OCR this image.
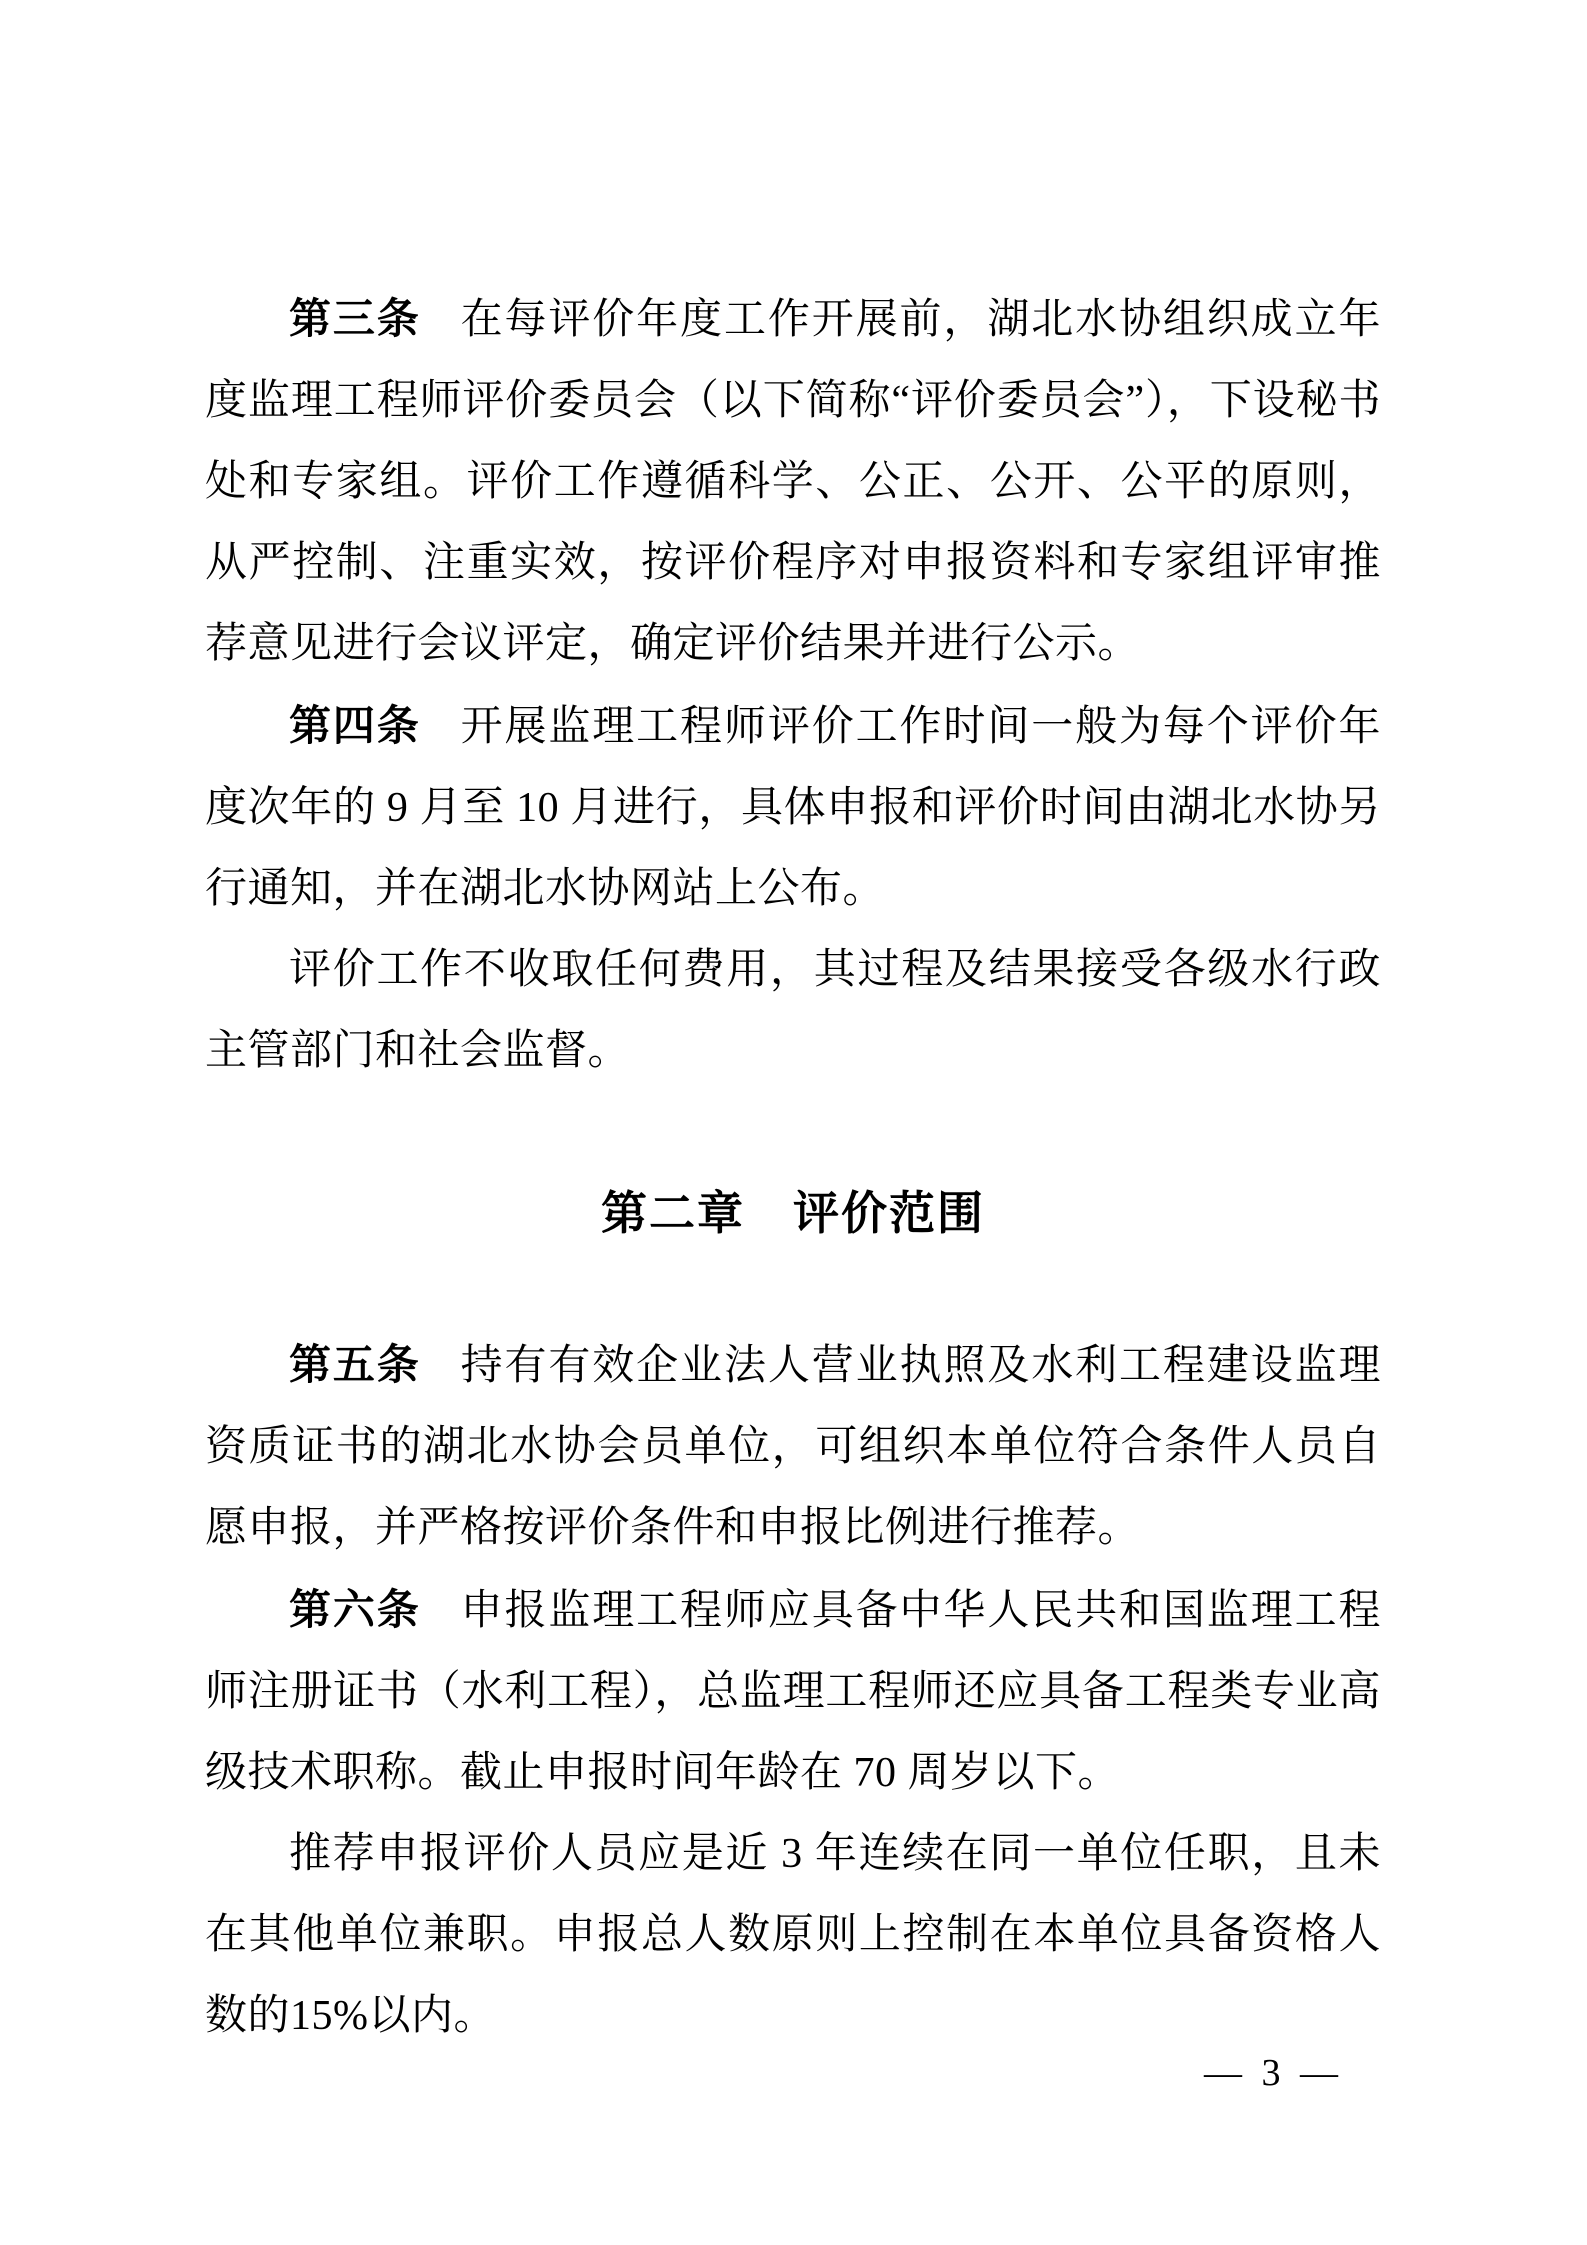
第三条 在每评价年度工作开展前，湖北水协组织成立年度监理工程师评价委员会（以下简称“评价委员会”），下设秘书处和专家组。评价工作遵循科学、公正、公开、公平的原则，从严控制、注重实效，按评价程序对申报资料和专家组评审推荐意见进行会议评定，确定评价结果并进行公示。

第四条 开展监理工程师评价工作时间一般为每个评价年度次年的 9 月至 10 月进行，具体申报和评价时间由湖北水协另行通知，并在湖北水协网站上公布。

评价工作不收取任何费用，其过程及结果接受各级水行政主管部门和社会监督。

第二章　评价范围

第五条 持有有效企业法人营业执照及水利工程建设监理资质证书的湖北水协会员单位，可组织本单位符合条件人员自愿申报，并严格按评价条件和申报比例进行推荐。

第六条 申报监理工程师应具备中华人民共和国监理工程师注册证书（水利工程），总监理工程师还应具备工程类专业高级技术职称。截止申报时间年龄在 70 周岁以下。

推荐申报评价人员应是近 3 年连续在同一单位任职，且未在其他单位兼职。申报总人数原则上控制在本单位具备资格人数的15%以内。

— 3 —
